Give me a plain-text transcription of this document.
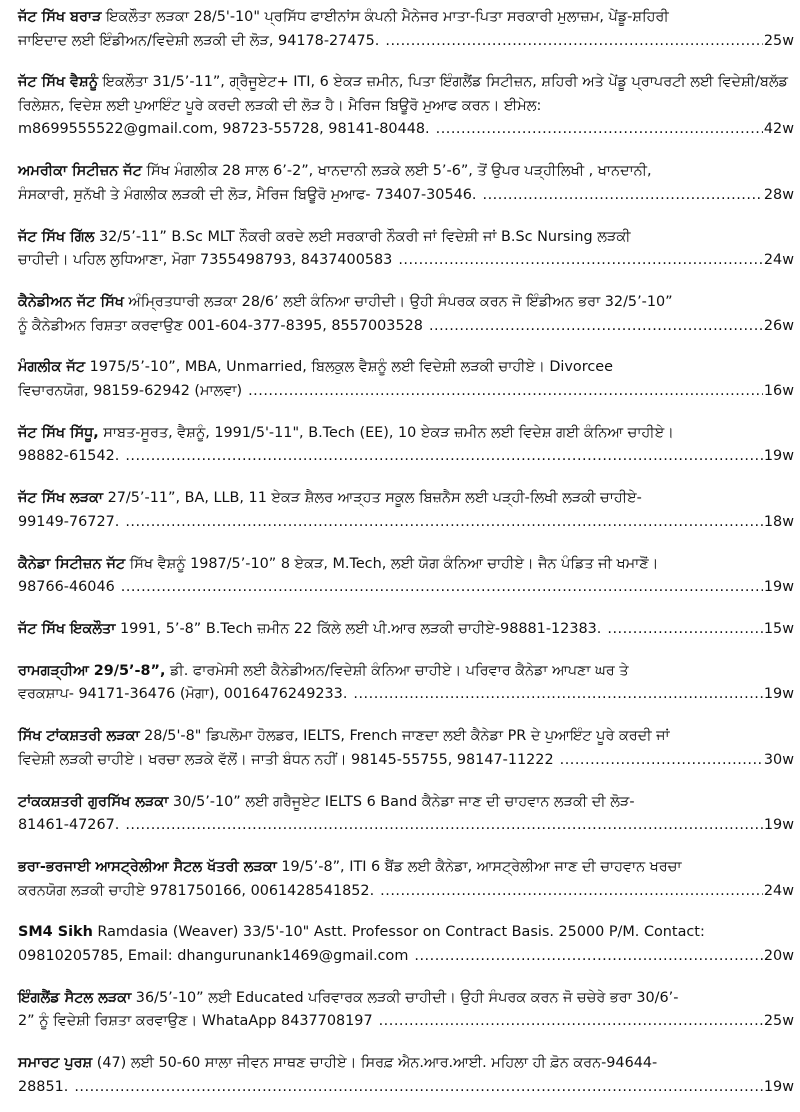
ਜੱਟ ਸਿੱਖ ਬਰਾੜ ਇਕਲੌਤਾ ਲੜਕਾ 28/5'-10" ਪ੍ਰਸਿੱਧ ਫਾਈਨਾਂਸ ਕੰਪਨੀ ਮੈਨੇਜਰ ਮਾਤਾ-ਪਿਤਾ ਸਰਕਾਰੀ ਮੁਲਾਜ਼ਮ, ਪੇਂਡੂ-ਸ਼ਹਿਰੀ
ਜਾਇਦਾਦ ਲਈ ਇੰਡੀਅਨ/ਵਿਦੇਸ਼ੀ ਲੜਕੀ ਦੀ ਲੋੜ, 94178-27475. .....	25w
ਜੱਟ ਸਿੱਖ ਵੈਸ਼ਨੂੰ ਇਕਲੌਤਾ 31/5’-11”, ਗ੍ਰੈਜੂਏਟ+ ITI, 6 ਏਕੜ ਜ਼ਮੀਨ, ਪਿਤਾ ਇੰਗਲੈਂਡ ਸਿਟੀਜ਼ਨ, ਸ਼ਹਿਰੀ ਅਤੇ ਪੇਂਡੂ ਪ੍ਰਾਪਰਟੀ ਲਈ ਵਿਦੇਸ਼ੀ/ਬਲੱਡ ਰਿਲੇਸ਼ਨ, ਵਿਦੇਸ਼ ਲਈ ਪੁਆਇੰਟ ਪੂਰੇ ਕਰਦੀ ਲੜਕੀ ਦੀ ਲੋੜ ਹੈ। ਮੈਰਿਜ ਬਿਊਰੋ ਮੁਆਫ ਕਰਨ। ਈਮੇਲ:
m8699555522@gmail.com, 98723-55728, 98141-80448. .....	42w
ਅਮਰੀਕਾ ਸਿਟੀਜ਼ਨ ਜੱਟ ਸਿੱਖ ਮੰਗਲੀਕ 28 ਸਾਲ 6’-2”, ਖਾਨਦਾਨੀ ਲੜਕੇ ਲਈ 5’-6”, ਤੋਂ ਉਪਰ ਪੜ੍ਹੀਲਿਖੀ , ਖਾਨਦਾਨੀ,
ਸੰਸਕਾਰੀ, ਸੁਨੱਖੀ ਤੇ ਮੰਗਲੀਕ ਲੜਕੀ ਦੀ ਲੋੜ, ਮੈਰਿਜ ਬਿਊਰੋ ਮੁਆਫ- 73407-30546. .....	28w
ਜੱਟ ਸਿੱਖ ਗਿੱਲ 32/5’-11” B.Sc MLT ਨੌਕਰੀ ਕਰਦੇ ਲਈ ਸਰਕਾਰੀ ਨੌਕਰੀ ਜਾਂ ਵਿਦੇਸ਼ੀ ਜਾਂ B.Sc Nursing ਲੜਕੀ
ਚਾਹੀਦੀ। ਪਹਿਲ ਲੁਧਿਆਣਾ, ਮੋਗਾ 7355498793, 8437400583 .....	24w
ਕੈਨੇਡੀਅਨ ਜੱਟ ਸਿੱਖ ਅੰਮ੍ਰਿਤਧਾਰੀ ਲੜਕਾ 28/6’ ਲਈ ਕੰਨਿਆ ਚਾਹੀਦੀ। ਉਹੀ ਸੰਪਰਕ ਕਰਨ ਜੋ ਇੰਡੀਅਨ ਭਰਾ 32/5’-10”
ਨੂੰ ਕੈਨੇਡੀਅਨ ਰਿਸ਼ਤਾ ਕਰਵਾਉਣ 001-604-377-8395, 8557003528 .....	26w
ਮੰਗਲੀਕ ਜੱਟ 1975/5’-10”, MBA, Unmarried, ਬਿਲਕੁਲ ਵੈਸ਼ਨੂੰ ਲਈ ਵਿਦੇਸ਼ੀ ਲੜਕੀ ਚਾਹੀਏ। Divorcee
ਵਿਚਾਰਨਯੋਗ, 98159-62942 (ਮਾਲਵਾ) .....	16w
ਜੱਟ ਸਿੱਖ ਸਿੱਧੂ, ਸਾਬਤ-ਸੂਰਤ, ਵੈਸ਼ਨੂੰ, 1991/5'-11", B.Tech (EE), 10 ਏਕੜ ਜ਼ਮੀਨ ਲਈ ਵਿਦੇਸ਼ ਗਈ ਕੰਨਿਆ ਚਾਹੀਏ।
98882-61542. .....	19w
ਜੱਟ ਸਿੱਖ ਲੜਕਾ 27/5’-11”, BA, LLB, 11 ਏਕੜ ਸ਼ੈਲਰ ਆੜ੍ਹਤ ਸਕੂਲ ਬਿਜ਼ਨੈਸ ਲਈ ਪੜ੍ਹੀ-ਲਿਖੀ ਲੜਕੀ ਚਾਹੀਏ-
99149-76727. .....	18w
ਕੈਨੇਡਾ ਸਿਟੀਜ਼ਨ ਜੱਟ ਸਿੱਖ ਵੈਸ਼ਨੂੰ 1987/5’-10” 8 ਏਕੜ, M.Tech, ਲਈ ਯੋਗ ਕੰਨਿਆ ਚਾਹੀਏ। ਜੈਨ ਪੰਡਿਤ ਜੀ ਖਮਾਣੋਂ।
98766-46046 .....	19w
ਜੱਟ ਸਿੱਖ ਇਕਲੌਤਾ 1991, 5’-8” B.Tech ਜ਼ਮੀਨ 22 ਕਿੱਲੇ ਲਈ ਪੀ.ਆਰ ਲੜਕੀ ਚਾਹੀਏ-98881-12383. .....	15w
ਰਾਮਗੜ੍ਹੀਆ 29/5’-8”, ਡੀ. ਫਾਰਮੇਸੀ ਲਈ ਕੈਨੇਡੀਅਨ/ਵਿਦੇਸ਼ੀ ਕੰਨਿਆ ਚਾਹੀਏ। ਪਰਿਵਾਰ ਕੈਨੇਡਾ ਆਪਣਾ ਘਰ ਤੇ
ਵਰਕਸ਼ਾਪ- 94171-36476 (ਮੋਗਾ), 0016476249233. .....	19w
ਸਿੱਖ ਟਾਂਕਸ਼ਤਰੀ ਲੜਕਾ 28/5'-8" ਡਿਪਲੋਮਾ ਹੋਲਡਰ, IELTS, French ਜਾਣਦਾ ਲਈ ਕੈਨੇਡਾ PR ਦੇ ਪੁਆਇੰਟ ਪੂਰੇ ਕਰਦੀ ਜਾਂ
ਵਿਦੇਸ਼ੀ ਲੜਕੀ ਚਾਹੀਏ। ਖਰਚਾ ਲੜਕੇ ਵੱਲੋਂ। ਜਾਤੀ ਬੰਧਨ ਨਹੀਂ। 98145-55755, 98147-11222 .....	30w
ਟਾਂਕਕਸ਼ਤਰੀ ਗੁਰਸਿੱਖ ਲੜਕਾ 30/5’-10” ਲਈ ਗਰੈਜੂਏਟ IELTS 6 Band ਕੈਨੇਡਾ ਜਾਣ ਦੀ ਚਾਹਵਾਨ ਲੜਕੀ ਦੀ ਲੋੜ-
81461-47267. .....	19w
ਭਰਾ-ਭਰਜਾਈ ਆਸਟ੍ਰੇਲੀਆ ਸੈਟਲ ਖੱਤਰੀ ਲੜਕਾ 19/5’-8”, ITI 6 ਬੈਂਡ ਲਈ ਕੈਨੇਡਾ, ਆਸਟ੍ਰੇਲੀਆ ਜਾਣ ਦੀ ਚਾਹਵਾਨ ਖਰਚਾ
ਕਰਨਯੋਗ ਲੜਕੀ ਚਾਹੀਏ 9781750166, 0061428541852. .....	24w
SM4 Sikh Ramdasia (Weaver) 33/5'-10" Astt. Professor on Contract Basis. 25000 P/M. Contact:
09810205785, Email: dhangurunank1469@gmail.com .....	20w
ਇੰਗਲੈਂਡ ਸੈਟਲ ਲੜਕਾ 36/5’-10” ਲਈ Educated ਪਰਿਵਾਰਕ ਲੜਕੀ ਚਾਹੀਦੀ। ਉਹੀ ਸੰਪਰਕ ਕਰਨ ਜੋ ਚਚੇਰੇ ਭਰਾ 30/6’-
2” ਨੂੰ ਵਿਦੇਸ਼ੀ ਰਿਸ਼ਤਾ ਕਰਵਾਉਣ। WhataApp 8437708197 .....	25w
ਸਮਾਰਟ ਪੁਰਸ਼ (47) ਲਈ 50-60 ਸਾਲਾ ਜੀਵਨ ਸਾਥਣ ਚਾਹੀਏ। ਸਿਰਫ਼ ਐਨ.ਆਰ.ਆਈ. ਮਹਿਲਾ ਹੀ ਫ਼ੋਨ ਕਰਨ-94644-
28851. .....	19w
